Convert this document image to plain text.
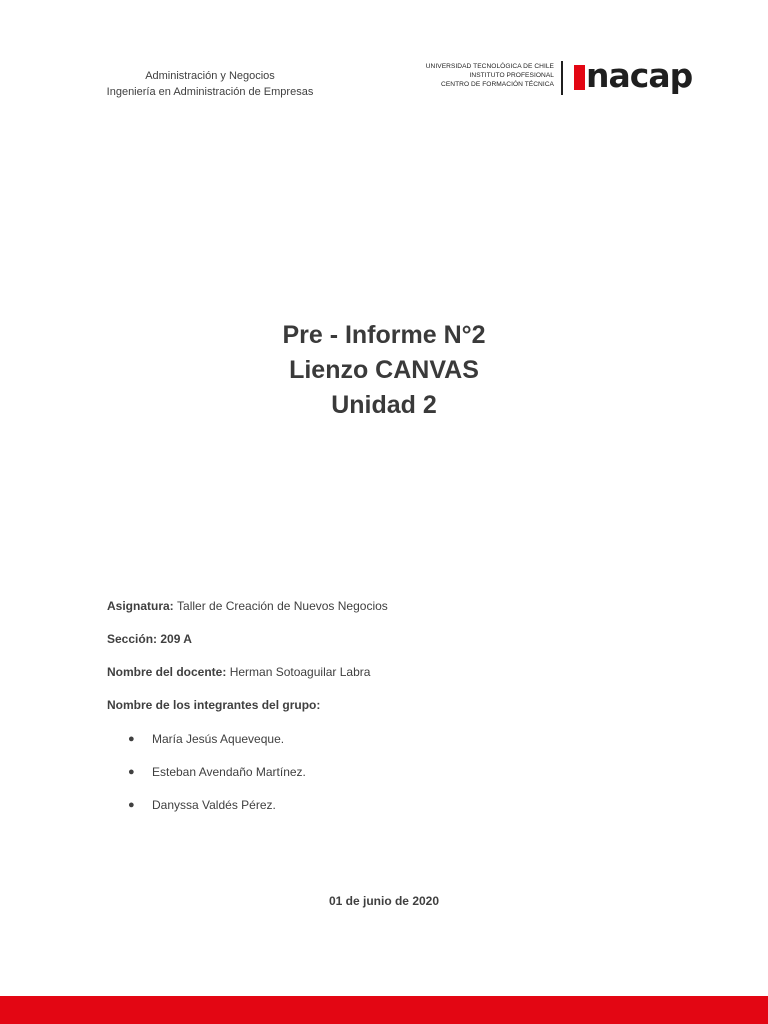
Administración y Negocios
Ingeniería en Administración de Empresas
UNIVERSIDAD TECNOLÓGICA DE CHILE
INSTITUTO PROFESIONAL
CENTRO DE FORMACIÓN TÉCNICA nacap
Pre - Informe N°2
Lienzo CANVAS
Unidad 2
Asignatura: Taller de Creación de Nuevos Negocios
Sección: 209 A
Nombre del docente: Herman Sotoaguilar Labra
Nombre de los integrantes del grupo:
●	María Jesús Aqueveque.
●	Esteban Avendaño Martínez.
●	Danyssa Valdés Pérez.
01 de junio de 2020
